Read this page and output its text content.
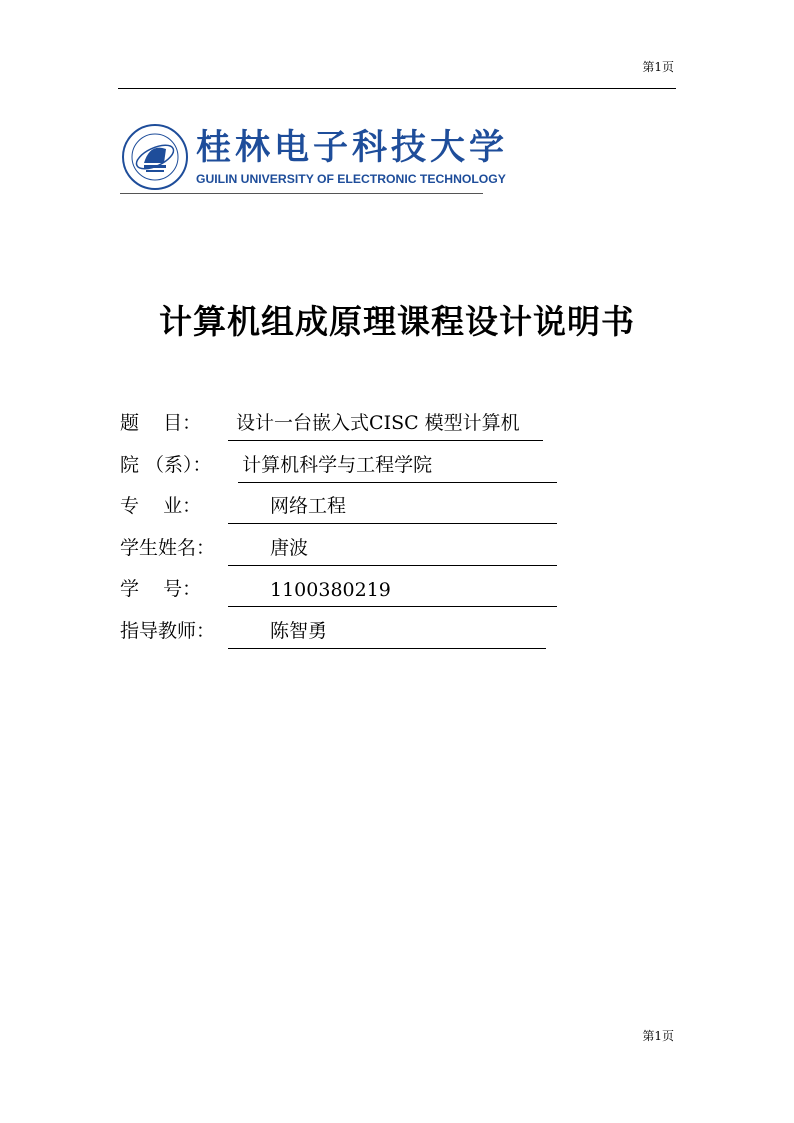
第1页
桂林电子科技大学
GUILIN UNIVERSITY OF ELECTRONIC TECHNOLOGY
计算机组成原理课程设计说明书
题    目： 设计一台嵌入式CISC 模型计算机
院 （系）： 计算机科学与工程学院
专    业：	网络工程
学生姓名：	唐波
学    号：	1100380219
指导教师：	陈智勇
第1页
